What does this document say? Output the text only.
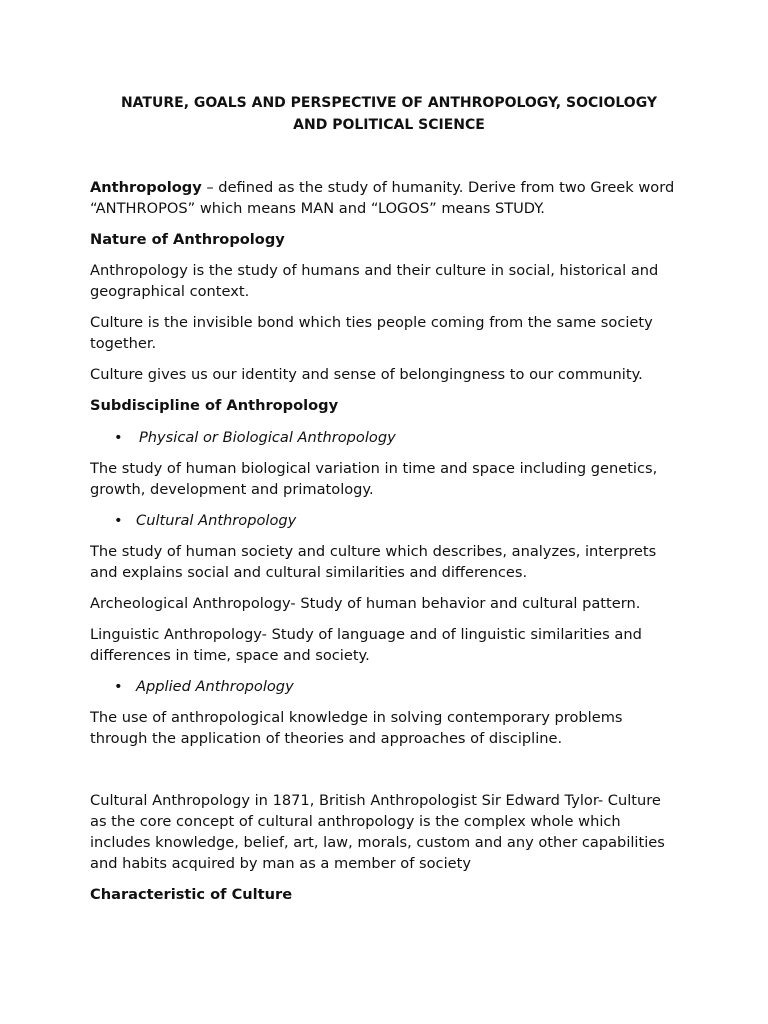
NATURE, GOALS AND PERSPECTIVE OF ANTHROPOLOGY, SOCIOLOGY
AND POLITICAL SCIENCE

Anthropology – defined as the study of humanity. Derive from two Greek word “ANTHROPOS” which means MAN and “LOGOS” means STUDY.

Nature of Anthropology

Anthropology is the study of humans and their culture in social, historical and geographical context.

Culture is the invisible bond which ties people coming from the same society together.

Culture gives us our identity and sense of belongingness to our community.

Subdiscipline of Anthropology
•	Physical or Biological Anthropology

The study of human biological variation in time and space including genetics, growth, development and primatology.

• Cultural Anthropology

The study of human society and culture which describes, analyzes, interprets and explains social and cultural similarities and differences.

Archeological Anthropology- Study of human behavior and cultural pattern.

Linguistic Anthropology- Study of language and of linguistic similarities and differences in time, space and society.

• Applied Anthropology

The use of anthropological knowledge in solving contemporary problems through the application of theories and approaches of discipline.

Cultural Anthropology in 1871, British Anthropologist Sir Edward Tylor- Culture as the core concept of cultural anthropology is the complex whole which includes knowledge, belief, art, law, morals, custom and any other capabilities and habits acquired by man as a member of society

Characteristic of Culture
